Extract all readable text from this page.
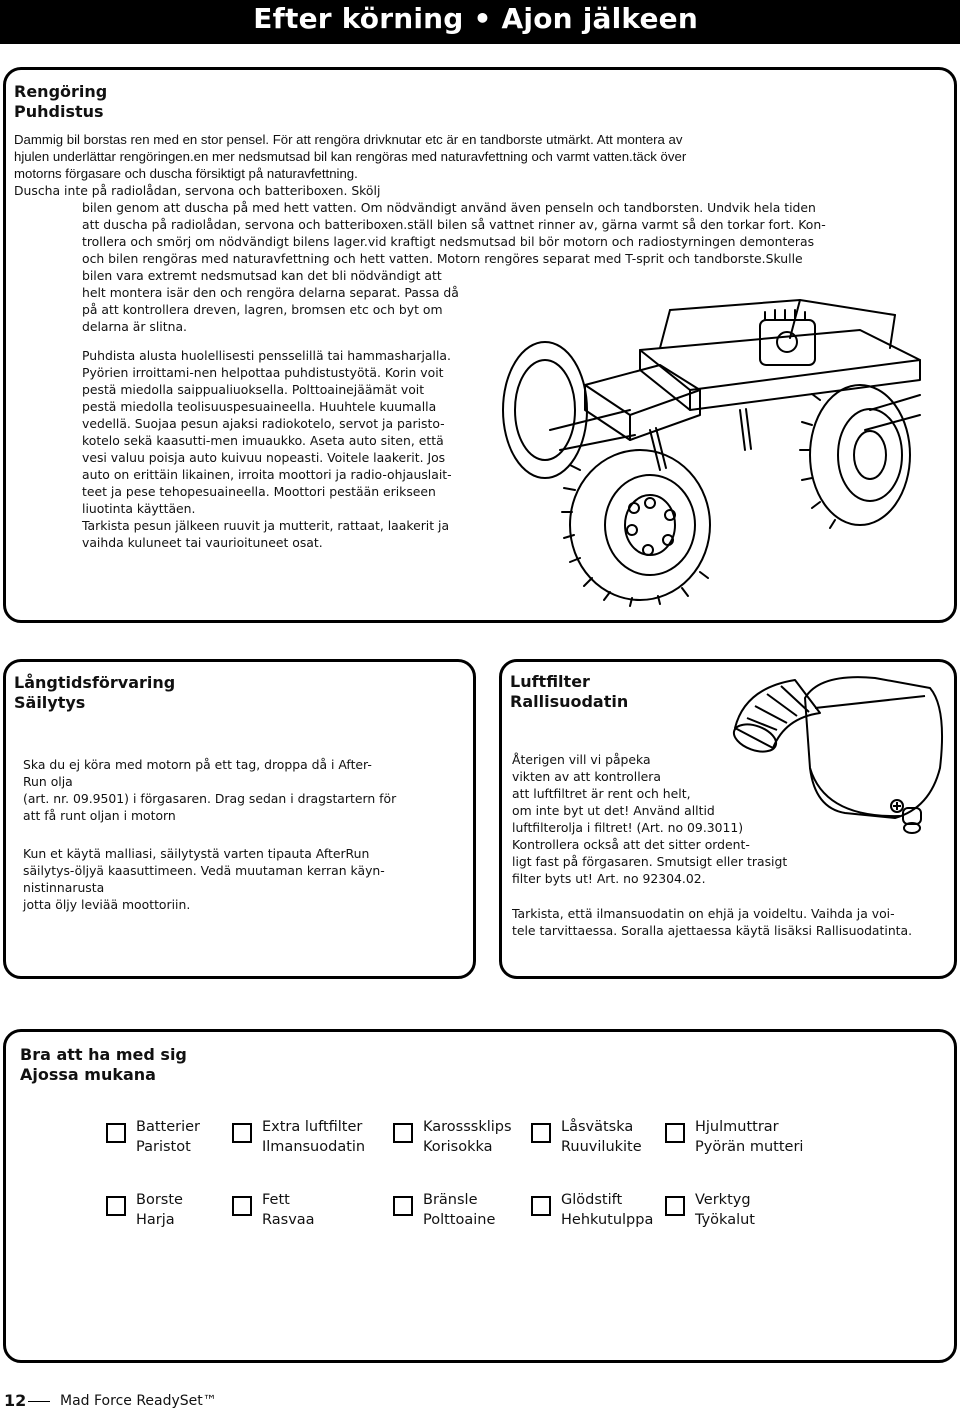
Efter körning • Ajon jälkeen
Rengöring
Puhdistus
Dammig bil borstas ren med en stor pensel. För att rengöra drivknutar etc är en tandborste utmärkt. Att montera av
hjulen underlättar rengöringen.en mer nedsmutsad bil kan rengöras med naturavfettning och varmt vatten.täck över
motorns förgasare och duscha försiktigt på naturavfettning.
Duscha inte på radiolådan, servona och batteriboxen. Skölj
bilen genom att duscha på med hett vatten. Om nödvändigt använd även penseln och tandborsten. Undvik hela tiden
att duscha på radiolådan, servona och batteriboxen.ställ bilen så vattnet rinner av, gärna varmt så den torkar fort. Kon-
trollera och smörj om nödvändigt bilens lager.vid kraftigt nedsmutsad bil bör motorn och radiostyrningen demonteras
och bilen rengöras med naturavfettning och hett vatten. Motorn rengöres separat med T-sprit och tandborste.Skulle
bilen vara extremt nedsmutsad kan det bli nödvändigt att
helt montera isär den och rengöra delarna separat. Passa då
på att kontrollera dreven, lagren, bromsen etc och byt om
delarna är slitna.
Puhdista alusta huolellisesti pensselillä tai hammasharjalla.
Pyörien irroittami-nen helpottaa puhdistustyötä. Korin voit
pestä miedolla saippualiuoksella. Polttoainejäämät voit
pestä miedolla teolisuuspesuaineella. Huuhtele kuumalla
vedellä. Suojaa pesun ajaksi radiokotelo, servot ja paristo-
kotelo sekä kaasutti-men imuaukko. Aseta auto siten, että
vesi valuu poisja auto kuivuu nopeasti. Voitele laakerit. Jos
auto on erittäin likainen, irroita moottori ja radio-ohjauslait-
teet ja pese tehopesuaineella. Moottori pestään erikseen
liuotinta käyttäen.
Tarkista pesun jälkeen ruuvit ja mutterit, rattaat, laakerit ja
vaihda kuluneet tai vaurioituneet osat.
Långtidsförvaring
Säilytys
Ska du ej köra med motorn på ett tag, droppa då i After-
Run olja
(art. nr. 09.9501) i förgasaren. Drag sedan i dragstartern för
att få runt oljan i motorn
Kun et käytä malliasi, säilytystä varten tipauta AfterRun
säilytys-öljyä kaasuttimeen. Vedä muutaman kerran käyn-
nistinnarusta
jotta öljy leviää moottoriin.
Luftfilter
Rallisuodatin
Återigen vill vi påpeka
vikten av att kontrollera
att luftfiltret är rent och helt,
om inte byt ut det! Använd alltid
luftfilterolja i filtret! (Art. no 09.3011)
Kontrollera också att det sitter ordent-
ligt fast på förgasaren. Smutsigt eller trasigt
filter byts ut! Art. no 92304.02.
Tarkista, että ilmansuodatin on ehjä ja voideltu. Vaihda ja voi-
tele tarvittaessa. Soralla ajettaessa käytä lisäksi Rallisuodatinta.
Bra att ha med sig
Ajossa mukana
Batterier
Paristot
Extra luftfilter
Ilmansuodatin
Karosssklips
Korisokka
Låsvätska
Ruuvilukite
Hjulmuttrar
Pyörän mutteri
Borste
Harja
Fett
Rasvaa
Bränsle
Polttoaine
Glödstift
Hehkutulppa
Verktyg
Työkalut
12 Mad Force ReadySet™
